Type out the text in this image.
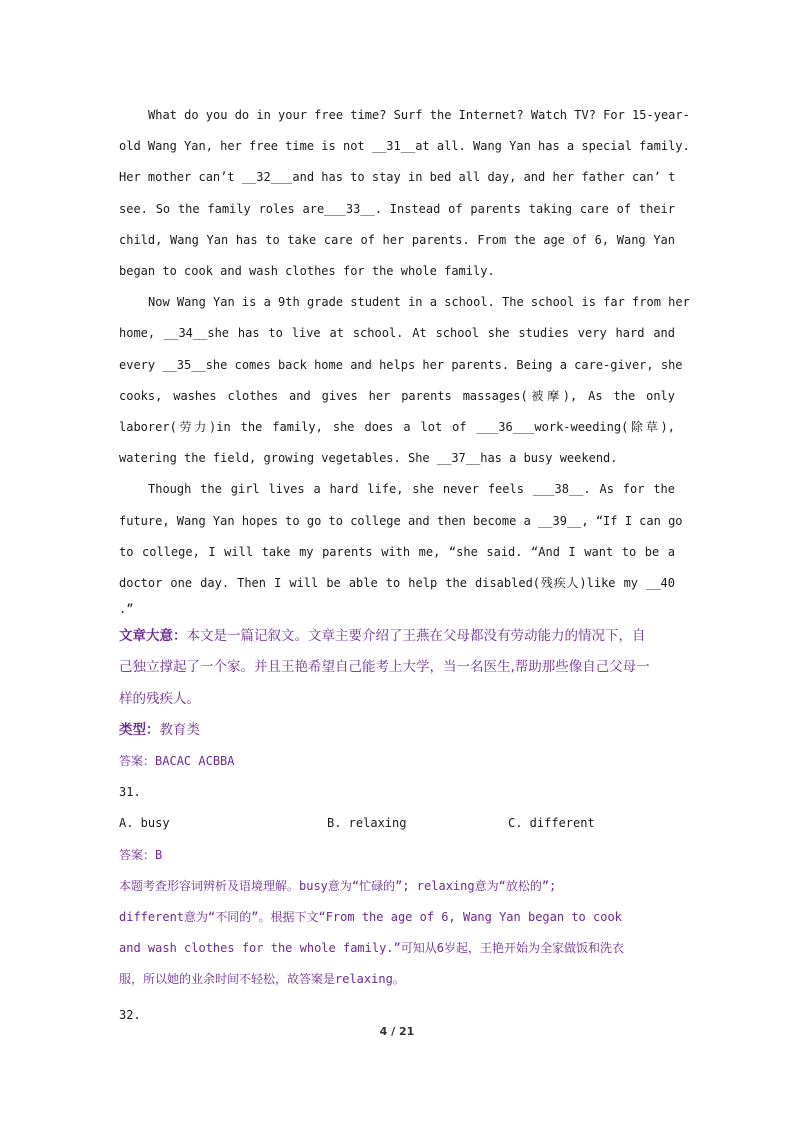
What do you do in your free time? Surf the Internet? Watch TV? For 15-year-
old Wang Yan, her free time is not __31__at all. Wang Yan has a special family.
Her mother can’t __32___and has to stay in bed all day, and her father can’ t
see. So the family roles are___33__. Instead of parents taking care of their
child, Wang Yan has to take care of her parents. From the age of 6, Wang Yan
began to cook and wash clothes for the whole family.
Now Wang Yan is a 9th grade student in a school. The school is far from her
home, __34__she has to live at school. At school she studies very hard and
every __35__she comes back home and helps her parents. Being a care-giver, she
cooks, washes clothes and gives her parents massages(被摩), As the only
laborer(劳力)in the family, she does a lot of ___36___work-weeding(除草),
watering the field, growing vegetables. She __37__has a busy weekend.
Though the girl lives a hard life, she never feels ___38__. As for the
future, Wang Yan hopes to go to college and then become a __39__, “If I can go
to college, I will take my parents with me, “she said. “And I want to be a
doctor one day. Then I will be able to help the disabled(残疾人)like my __40
.”
文章大意：本文是一篇记叙文。文章主要介绍了王燕在父母都没有劳动能力的情况下，自
己独立撑起了一个家。并且王艳希望自己能考上大学，当一名医生,帮助那些像自己父母一
样的残疾人。
类型：教育类
答案：BACAC ACBBA
31.
A. busy	B. relaxing	C. different
答案：B
本题考查形容词辨析及语境理解。busy意为“忙碌的”; relaxing意为“放松的”;
different意为“不同的”。根据下文“From the age of 6, Wang Yan began to cook
and wash clothes for the whole family.”可知从6岁起，王艳开始为全家做饭和洗衣
服，所以她的业余时间不轻松，故答案是relaxing。
32.
4 / 21
